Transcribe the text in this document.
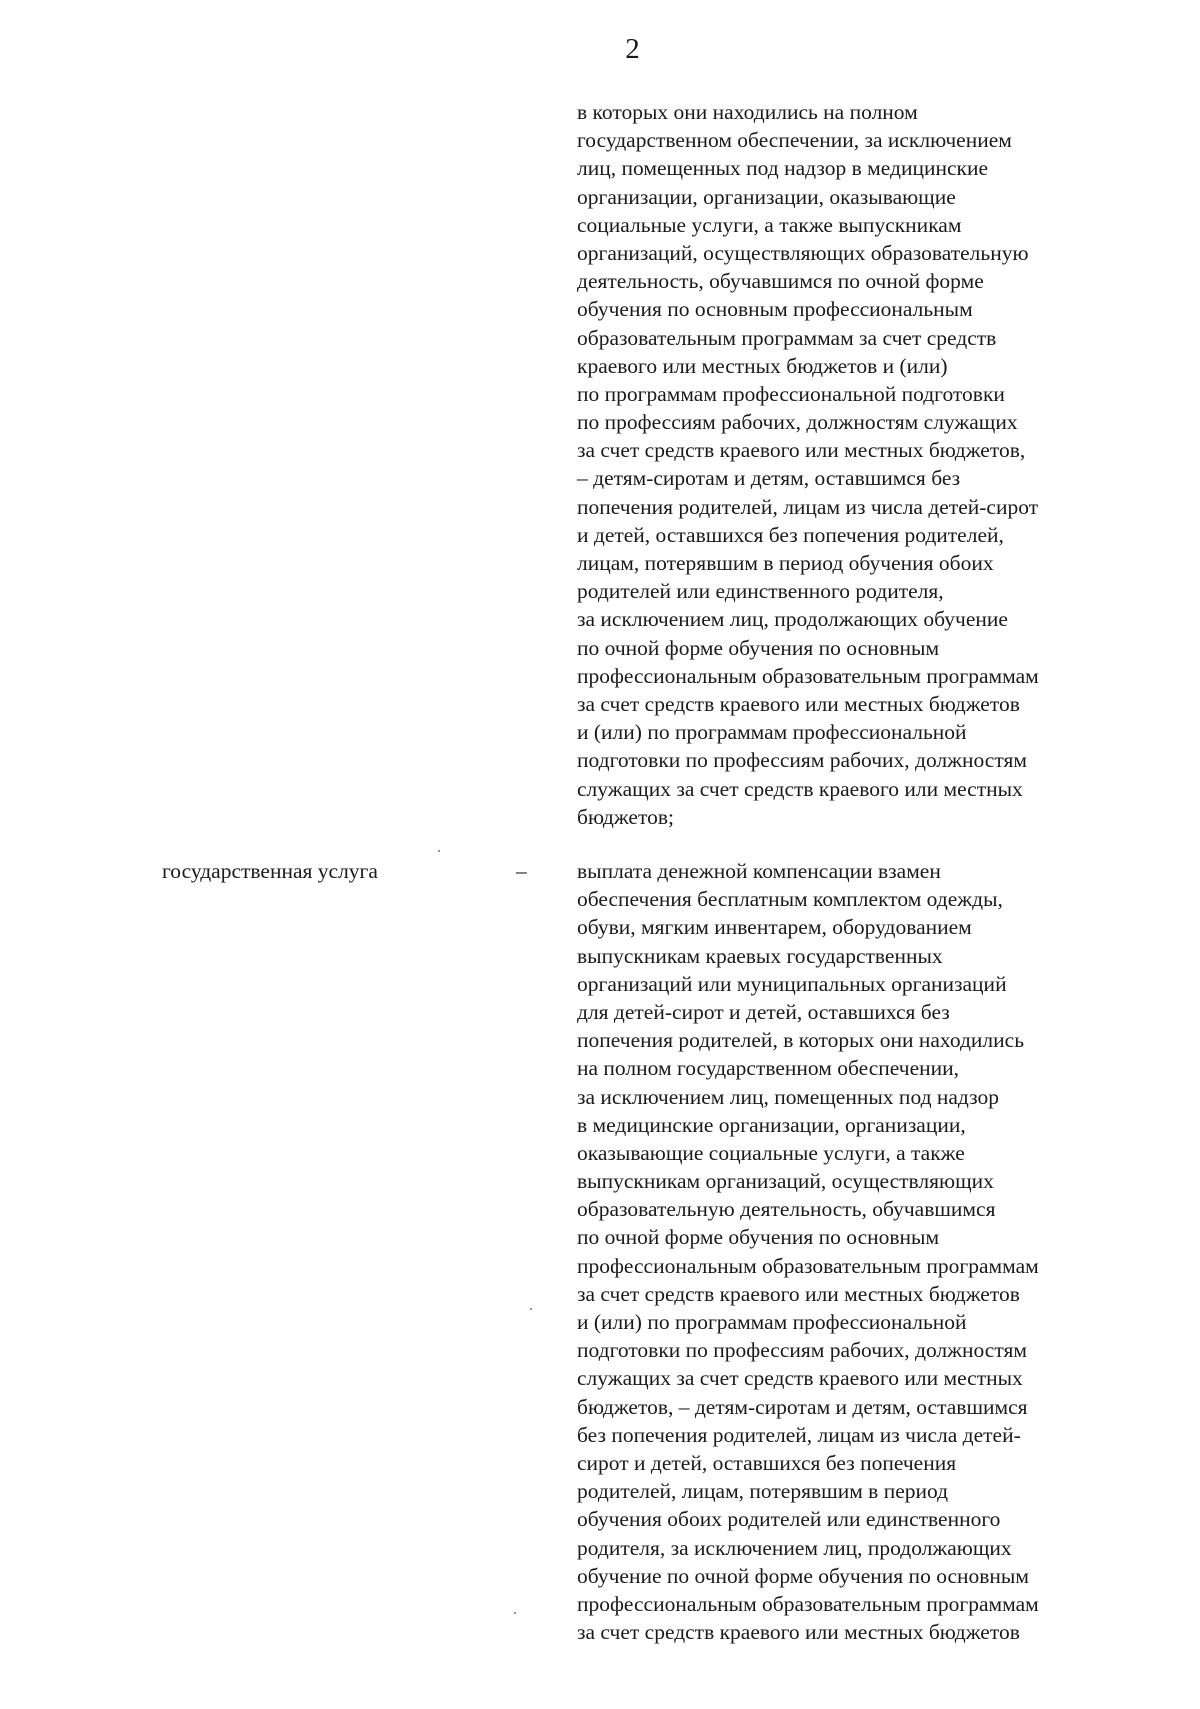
2
в которых они находились на полном
государственном обеспечении, за исключением
лиц, помещенных под надзор в медицинские
организации, организации, оказывающие
социальные услуги, а также выпускникам
организаций, осуществляющих образовательную
деятельность, обучавшимся по очной форме
обучения по основным профессиональным
образовательным программам за счет средств
краевого или местных бюджетов и (или)
по программам профессиональной подготовки
по профессиям рабочих, должностям служащих
за счет средств краевого или местных бюджетов,
– детям-сиротам и детям, оставшимся без
попечения родителей, лицам из числа детей-сирот
и детей, оставшихся без попечения родителей,
лицам, потерявшим в период обучения обоих
родителей или единственного родителя,
за исключением лиц, продолжающих обучение
по очной форме обучения по основным
профессиональным образовательным программам
за счет средств краевого или местных бюджетов
и (или) по программам профессиональной
подготовки по профессиям рабочих, должностям
служащих за счет средств краевого или местных
бюджетов;
государственная услуга	– выплата денежной компенсации взамен
обеспечения бесплатным комплектом одежды,
обуви, мягким инвентарем, оборудованием
выпускникам краевых государственных
организаций или муниципальных организаций
для детей-сирот и детей, оставшихся без
попечения родителей, в которых они находились
на полном государственном обеспечении,
за исключением лиц, помещенных под надзор
в медицинские организации, организации,
оказывающие социальные услуги, а также
выпускникам организаций, осуществляющих
образовательную деятельность, обучавшимся
по очной форме обучения по основным
профессиональным образовательным программам
за счет средств краевого или местных бюджетов
и (или) по программам профессиональной
подготовки по профессиям рабочих, должностям
служащих за счет средств краевого или местных
бюджетов, – детям-сиротам и детям, оставшимся
без попечения родителей, лицам из числа детей-
сирот и детей, оставшихся без попечения
родителей, лицам, потерявшим в период
обучения обоих родителей или единственного
родителя, за исключением лиц, продолжающих
обучение по очной форме обучения по основным
профессиональным образовательным программам
за счет средств краевого или местных бюджетов
